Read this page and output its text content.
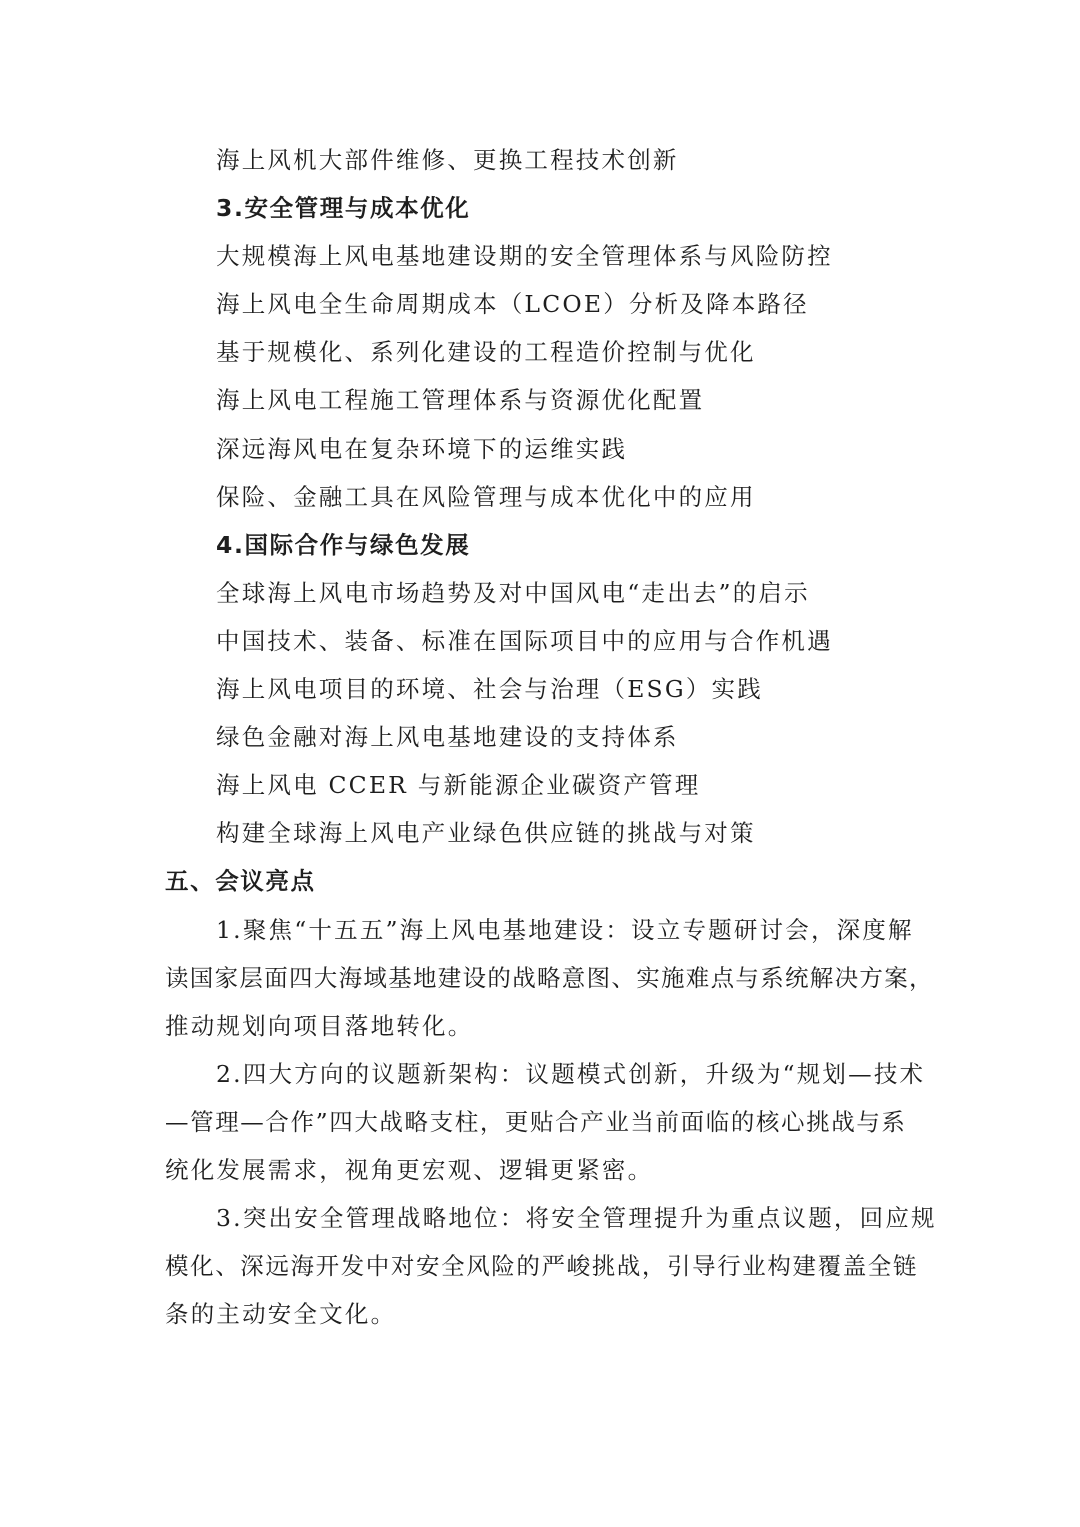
海上风机大部件维修、更换工程技术创新
3.安全管理与成本优化
大规模海上风电基地建设期的安全管理体系与风险防控
海上风电全生命周期成本（LCOE）分析及降本路径
基于规模化、系列化建设的工程造价控制与优化
海上风电工程施工管理体系与资源优化配置
深远海风电在复杂环境下的运维实践
保险、金融工具在风险管理与成本优化中的应用
4.国际合作与绿色发展
全球海上风电市场趋势及对中国风电“走出去”的启示
中国技术、装备、标准在国际项目中的应用与合作机遇
海上风电项目的环境、社会与治理（ESG）实践
绿色金融对海上风电基地建设的支持体系
海上风电 CCER 与新能源企业碳资产管理
构建全球海上风电产业绿色供应链的挑战与对策
五、会议亮点
1.聚焦“十五五”海上风电基地建设：设立专题研讨会，深度解
读国家层面四大海域基地建设的战略意图、实施难点与系统解决方案，
推动规划向项目落地转化。
2.四大方向的议题新架构：议题模式创新，升级为“规划—技术
—管理—合作”四大战略支柱，更贴合产业当前面临的核心挑战与系
统化发展需求，视角更宏观、逻辑更紧密。
3.突出安全管理战略地位：将安全管理提升为重点议题，回应规
模化、深远海开发中对安全风险的严峻挑战，引导行业构建覆盖全链
条的主动安全文化。
